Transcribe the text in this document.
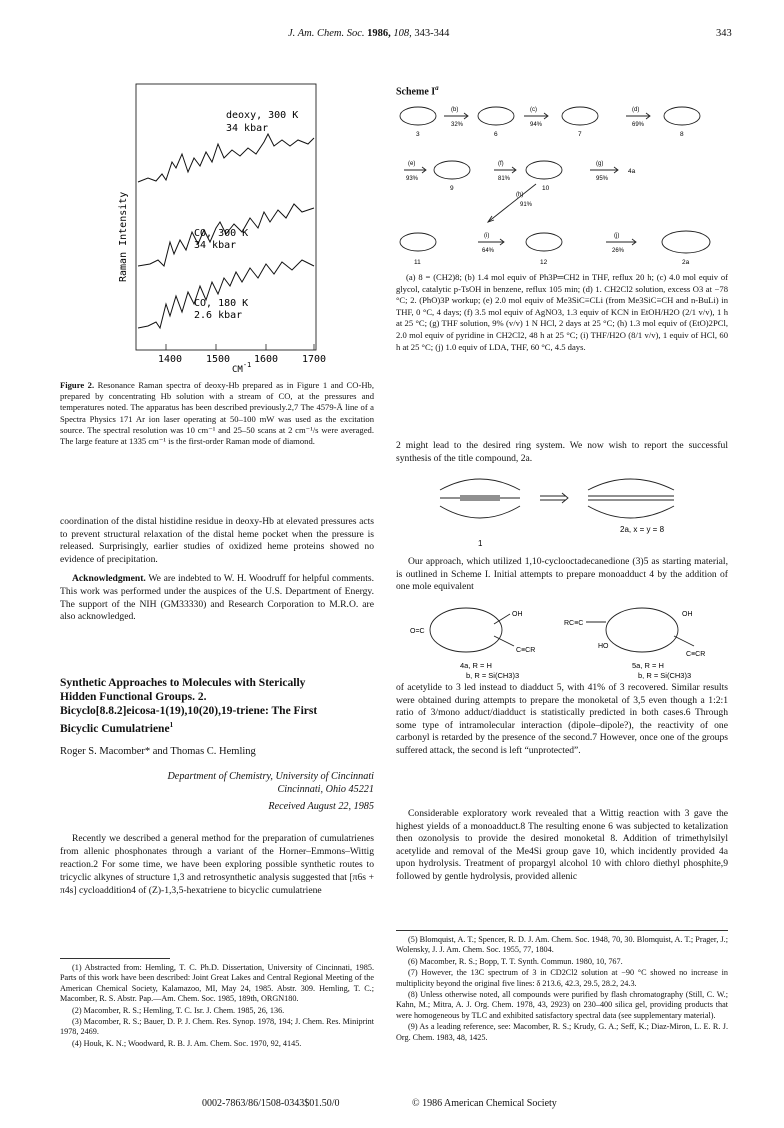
J. Am. Chem. Soc. 1986, 108, 343-344	343
deoxy, 300 K
34 kbar
CO, 300 K
34 kbar
CO, 180 K
2.6 kbar
Raman Intensity
1400 1500 1600 1700
$CM^{-1}$
Figure 2. Resonance Raman spectra of deoxy-Hb prepared as in Figure 1 and CO-Hb, prepared by concentrating Hb solution with a stream of CO, at the pressures and temperatures noted. The apparatus has been described previously.2,7 The 4579-Å line of a Spectra Physics 171 Ar ion laser operating at 50–100 mW was used as the excitation source. The spectral resolution was 10 cm⁻¹ and 25–50 scans at 2 cm⁻¹/s were averaged. The large feature at 1335 cm⁻¹ is the first-order Raman mode of diamond.

coordination of the distal histidine residue in deoxy-Hb at elevated pressures acts to prevent structural relaxation of the distal heme pocket when the pressure is released. Surprisingly, earlier studies of oxidized heme proteins showed no evidence of precipitation.

Acknowledgment. We are indebted to W. H. Woodruff for helpful comments. This work was performed under the auspices of the U.S. Department of Energy. The support of the NIH (GM33330) and Research Corporation to M.R.O. are also acknowledged.

Synthetic Approaches to Molecules with Sterically
Hidden Functional Groups. 2.
Bicyclo[8.8.2]eicosa-1(19),10(20),19-triene: The First
Bicyclic Cumulatriene$^1$
Roger S. Macomber* and Thomas C. Hemling
Department of Chemistry, University of Cincinnati
Cincinnati, Ohio 45221
Received August 22, 1985
Recently we described a general method for the preparation of cumulatrienes from allenic phosphonates through a variant of the Horner–Emmons–Wittig reaction.2 For some time, we have been exploring possible synthetic routes to tricyclic alkynes of structure 1,3 and retrosynthetic analysis suggested that [π6s + π4s] cycloaddition4 of (Z)-1,3,5-hexatriene to bicyclic cumulatriene

(1) Abstracted from: Hemling, T. C. Ph.D. Dissertation, University of Cincinnati, 1985. Parts of this work have been described: Joint Great Lakes and Central Regional Meeting of the American Chemical Society, Kalamazoo, MI, May 24, 1985. Abstr. 309. Hemling, T. C.; Macomber, R. S. Abstr. Pap.—Am. Chem. Soc. 1985, 189th, ORGN180.

(2) Macomber, R. S.; Hemling, T. C. Isr. J. Chem. 1985, 26, 136.

(3) Macomber, R. S.; Bauer, D. P. J. Chem. Res. Synop. 1978, 194; J. Chem. Res. Miniprint 1978, 2469.

(4) Houk, K. N.; Woodward, R. B. J. Am. Chem. Soc. 1970, 92, 4145.

Scheme $I^a$
(b)
32%
(c)
94%
(d)
69%
(e)
93%
(f)
81%
(g)
95%
(h)
91%
(i)
64%
(j)
26%
4a
3	6	7	8
9	10
11	12	2a
(a) 8 = (CH2)8; (b) 1.4 mol equiv of Ph3P═CH2 in THF, reflux 20 h; (c) 4.0 mol equiv of glycol, catalytic p-TsOH in benzene, reflux 105 min; (d) 1. CH2Cl2 solution, excess O3 at −78 °C; 2. (PhO)3P workup; (e) 2.0 mol equiv of Me3SiC≡CLi (from Me3SiC≡CH and n-BuLi) in THF, 0 °C, 4 days; (f) 3.5 mol equiv of AgNO3, 1.3 equiv of KCN in EtOH/H2O (2/1 v/v), 1 h at 25 °C; (g) THF solution, 9% (v/v) 1 N HCl, 2 days at 25 °C; (h) 1.3 mol equiv of (EtO)2PCl, 2.0 mol equiv of pyridine in CH2Cl2, 48 h at 25 °C; (i) THF/H2O (8/1 v/v), 1 equiv of HCl, 60 h at 25 °C; (j) 1.0 equiv of LDA, THF, 60 °C, 4.5 days.
2 might lead to the desired ring system. We now wish to report the successful synthesis of the title compound, 2a.
1
2a, x = y = 8
Our approach, which utilized 1,10-cyclooctadecanedione (3)5 as starting material, is outlined in Scheme I. Initial attempts to prepare monoadduct 4 by the addition of one mole equivalent
O=C
OH
C≡CR
RC≡C
HO
OH
C≡CR
4a, R = H
b, R = Si(CH3)3
5a, R = H
b, R = Si(CH3)3
of acetylide to 3 led instead to diadduct 5, with 41% of 3 recovered. Similar results were obtained during attempts to prepare the monoketal of 3,5 even though a 1:2:1 ratio of 3/mono adduct/diadduct is statistically predicted in both cases.6 Through some type of intramolecular interaction (dipole–dipole?), the reactivity of one carbonyl is retarded by the presence of the second.7 However, once one of the groups suffered attack, the second is left “unprotected”.
Considerable exploratory work revealed that a Wittig reaction with 3 gave the highest yields of a monoadduct.8 The resulting enone 6 was subjected to ketalization then ozonolysis to provide the desired monoketal 8. Addition of trimethylsilyl acetylide and removal of the Me4Si group gave 10, which incidently provided 4a upon hydrolysis. Treatment of propargyl alcohol 10 with chloro diethyl phosphite,9 followed by gentle hydrolysis, provided allenic

(5) Blomquist, A. T.; Spencer, R. D. J. Am. Chem. Soc. 1948, 70, 30. Blomquist, A. T.; Prager, J.; Wolensky, J. J. Am. Chem. Soc. 1955, 77, 1804.

(6) Macomber, R. S.; Bopp, T. T. Synth. Commun. 1980, 10, 767.

(7) However, the 13C spectrum of 3 in CD2Cl2 solution at −90 °C showed no increase in multiplicity beyond the original five lines: δ 213.6, 42.3, 29.5, 28.2, 24.3.

(8) Unless otherwise noted, all compounds were purified by flash chromatography (Still, C. W.; Kahn, M.; Mitra, A. J. Org. Chem. 1978, 43, 2923) on 230–400 silica gel, providing products that were homogeneous by TLC and exhibited satisfactory spectral data (see supplementary material).

(9) As a leading reference, see: Macomber, R. S.; Krudy, G. A.; Seff, K.; Diaz-Miron, L. E. R. J. Org. Chem. 1983, 48, 1425.

0002-7863/86/1508-0343$01.50/0	© 1986 American Chemical Society
